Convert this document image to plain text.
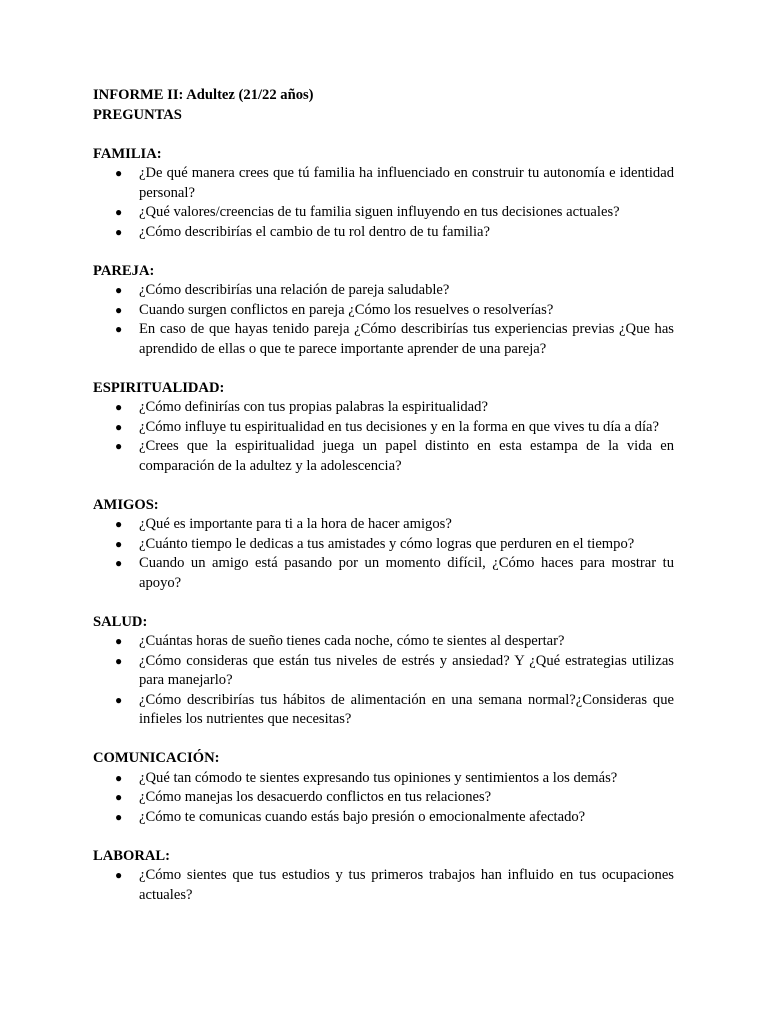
INFORME II: Adultez (21/22 años)

PREGUNTAS

FAMILIA:

● ¿De qué manera crees que tú familia ha influenciado en construir tu autonomía e identidad personal?
● ¿Qué valores/creencias de tu familia siguen influyendo en tus decisiones actuales?
● ¿Cómo describirías el cambio de tu rol dentro de tu familia?

PAREJA:

● ¿Cómo describirías una relación de pareja saludable?
● Cuando surgen conflictos en pareja ¿Cómo los resuelves o resolverías?
● En caso de que hayas tenido pareja ¿Cómo describirías tus experiencias previas ¿Que has aprendido de ellas o que te parece importante aprender de una pareja?

ESPIRITUALIDAD:

● ¿Cómo definirías con tus propias palabras la espiritualidad?
● ¿Cómo influye tu espiritualidad en tus decisiones y en la forma en que vives tu día a día?
● ¿Crees que la espiritualidad juega un papel distinto en esta estampa de la vida en comparación de la adultez y la adolescencia?

AMIGOS:

● ¿Qué es importante para ti a la hora de hacer amigos?
● ¿Cuánto tiempo le dedicas a tus amistades y cómo logras que perduren en el tiempo?
● Cuando un amigo está pasando por un momento difícil, ¿Cómo haces para mostrar tu apoyo?

SALUD:

● ¿Cuántas horas de sueño tienes cada noche, cómo te sientes al despertar?
● ¿Cómo consideras que están tus niveles de estrés y ansiedad? Y ¿Qué estrategias utilizas para manejarlo?
● ¿Cómo describirías tus hábitos de alimentación en una semana normal?¿Consideras que infieles los nutrientes que necesitas?

COMUNICACIÓN:

● ¿Qué tan cómodo te sientes expresando tus opiniones y sentimientos a los demás?
● ¿Cómo manejas los desacuerdo conflictos en tus relaciones?
● ¿Cómo te comunicas cuando estás bajo presión o emocionalmente afectado?

LABORAL:

● ¿Cómo sientes que tus estudios y tus primeros trabajos han influido en tus ocupaciones actuales?
